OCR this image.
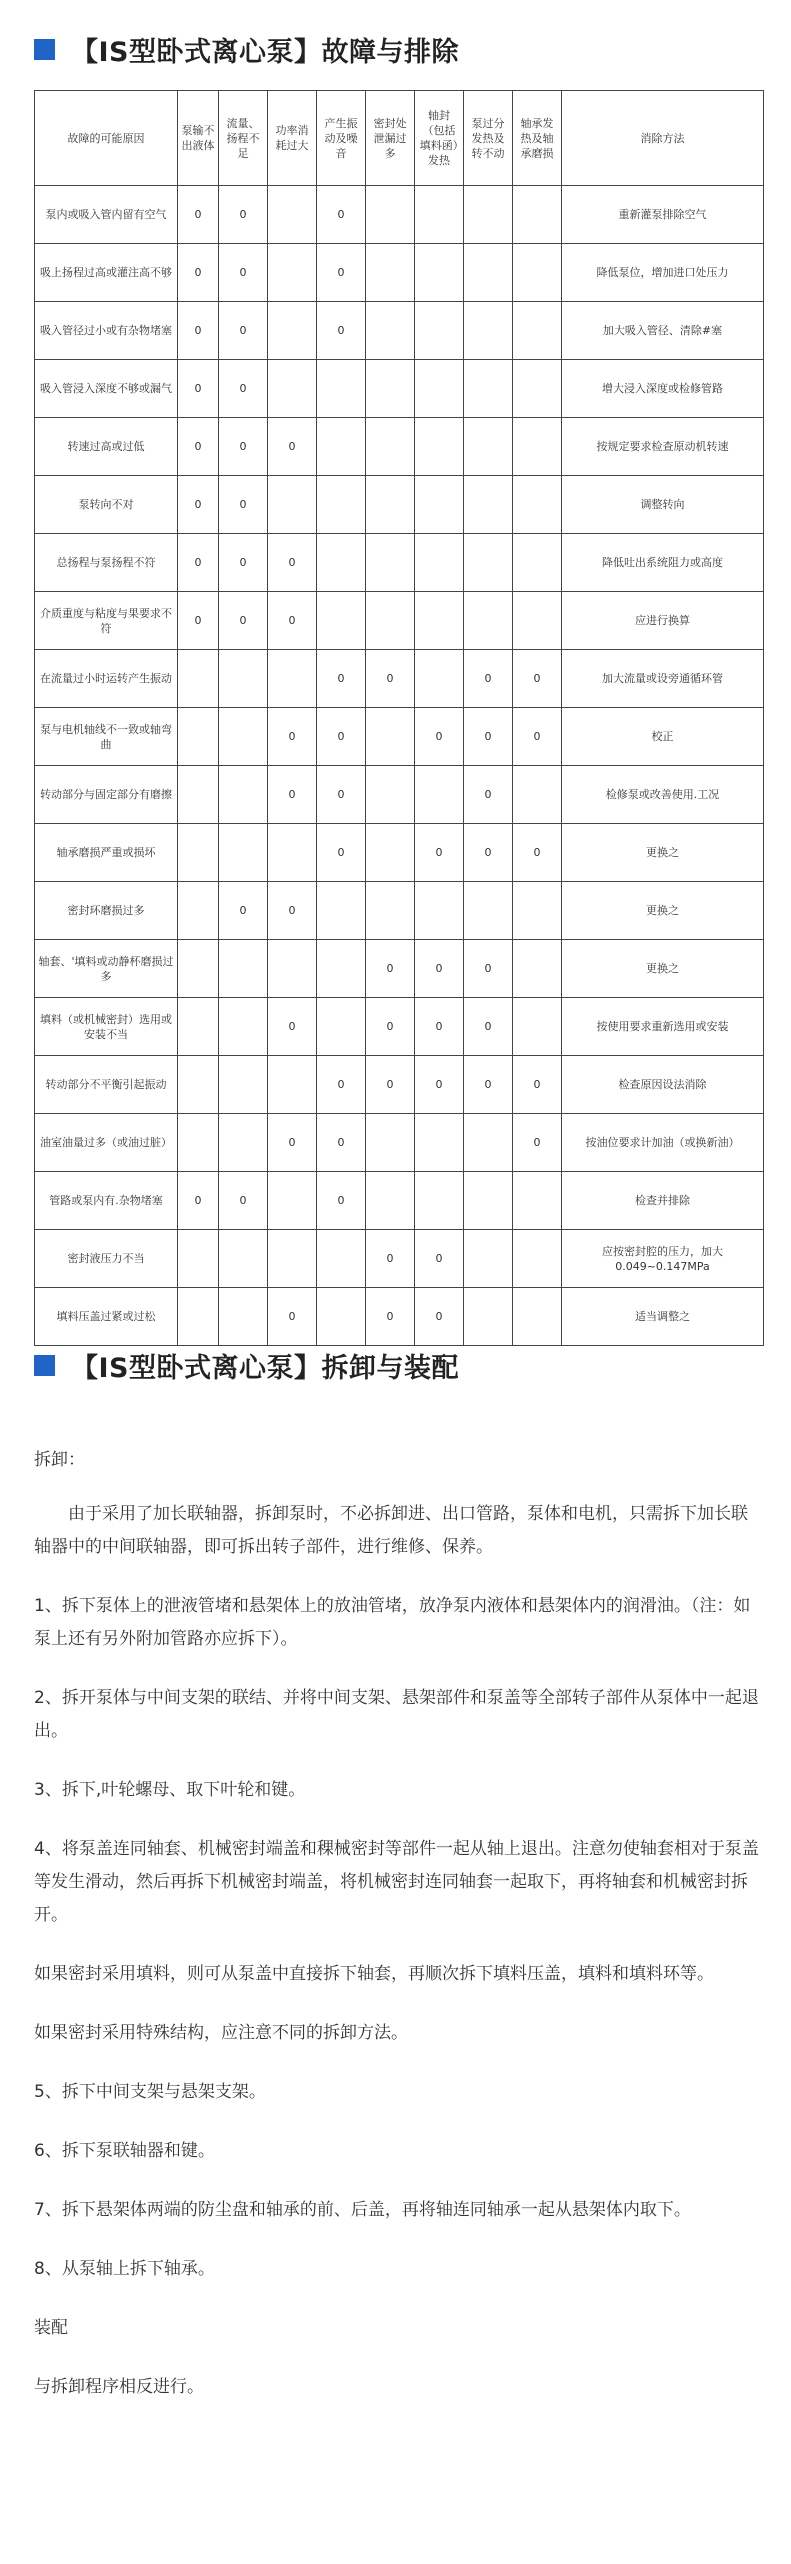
【IS型卧式离心泵】故障与排除
故障的可能原因	泵输不出液体	流量、扬程不足	功率消耗过大	产生振动及噪音	密封处泄漏过多	轴封（包括填料函）发热	泵过分发热及转不动	轴承发热及轴承磨损	消除方法
泵内或吸入管内留有空气	0	0		0					重新灌泵排除空气
吸上扬程过高或灌注高不够	0	0		0					降低泵位，增加进口处压力
吸入管径过小或有杂物堵塞	0	0		0					加大吸入管径、清除#塞
吸入管浸入深度不够或漏气	0	0							增大浸入深度或检修管路
转速过高或过低	0	0	0						按规定要求检查原动机转速
泵转向不对	0	0							调整转向
总扬程与泵扬程不符	0	0	0						降低吐出系统阻力或高度
介质重度与粘度与果要求不符	0	0	0						应进行换算
在流量过小时运转产生振动				0	0		0	0	加大流量或设旁通循环管
泵与电机轴线不一致或轴弯曲			0	0		0	0	0	校正
转动部分与固定部分有磨擦			0	0			0		检修泵或改善使用.工况
轴承磨损严重或损坏				0		0	0	0	更换之
密封环磨损过多		0	0						更换之
轴套、'填料或动静杯磨损过多					0	0	0		更换之
填料（或机械密封）选用或安装不当			0		0	0	0		按使用要求重新选用或安装
转动部分不平衡引起振动				0	0	0	0	0	检查原因设法消除
油室油量过多（或油过脏）			0	0				0	按油位要求计加油（或换新油）
管路或泵内有.杂物堵塞	0	0		0					检查并排除
密封液压力不当					0	0			应按密封腔的压力，加大0.049~0.147MPa
填料压盖过紧或过松			0		0	0			适当调整之
【IS型卧式离心泵】拆卸与装配

拆卸：

由于采用了加长联轴器，拆卸泵时，不必拆卸进、出口管路，泵体和电机，只需拆下加长联轴器中的中间联轴器，即可拆出转子部件，进行维修、保养。

1、拆下泵体上的泄液管堵和悬架体上的放油管堵，放净泵内液体和悬架体内的润滑油。（注：如泵上还有另外附加管路亦应拆下）。

2、拆开泵体与中间支架的联结、并将中间支架、悬架部件和泵盖等全部转子部件从泵体中一起退出。

3、拆下,叶轮螺母、取下叶轮和键。

4、将泵盖连同轴套、机械密封端盖和稞械密封等部件一起从轴上退出。注意勿使轴套相对于泵盖等发生滑动，然后再拆下机械密封端盖，将机械密封连同轴套一起取下，再将轴套和机械密封拆开。

如果密封采用填料，则可从泵盖中直接拆下轴套，再顺次拆下填料压盖，填料和填料环等。

如果密封采用特殊结构，应注意不同的拆卸方法。

5、拆下中间支架与悬架支架。

6、拆下泵联轴器和键。

7、拆下悬架体两端的防尘盘和轴承的前、后盖，再将轴连同轴承一起从悬架体内取下。

8、从泵轴上拆下轴承。

装配

与拆卸程序相反进行。
